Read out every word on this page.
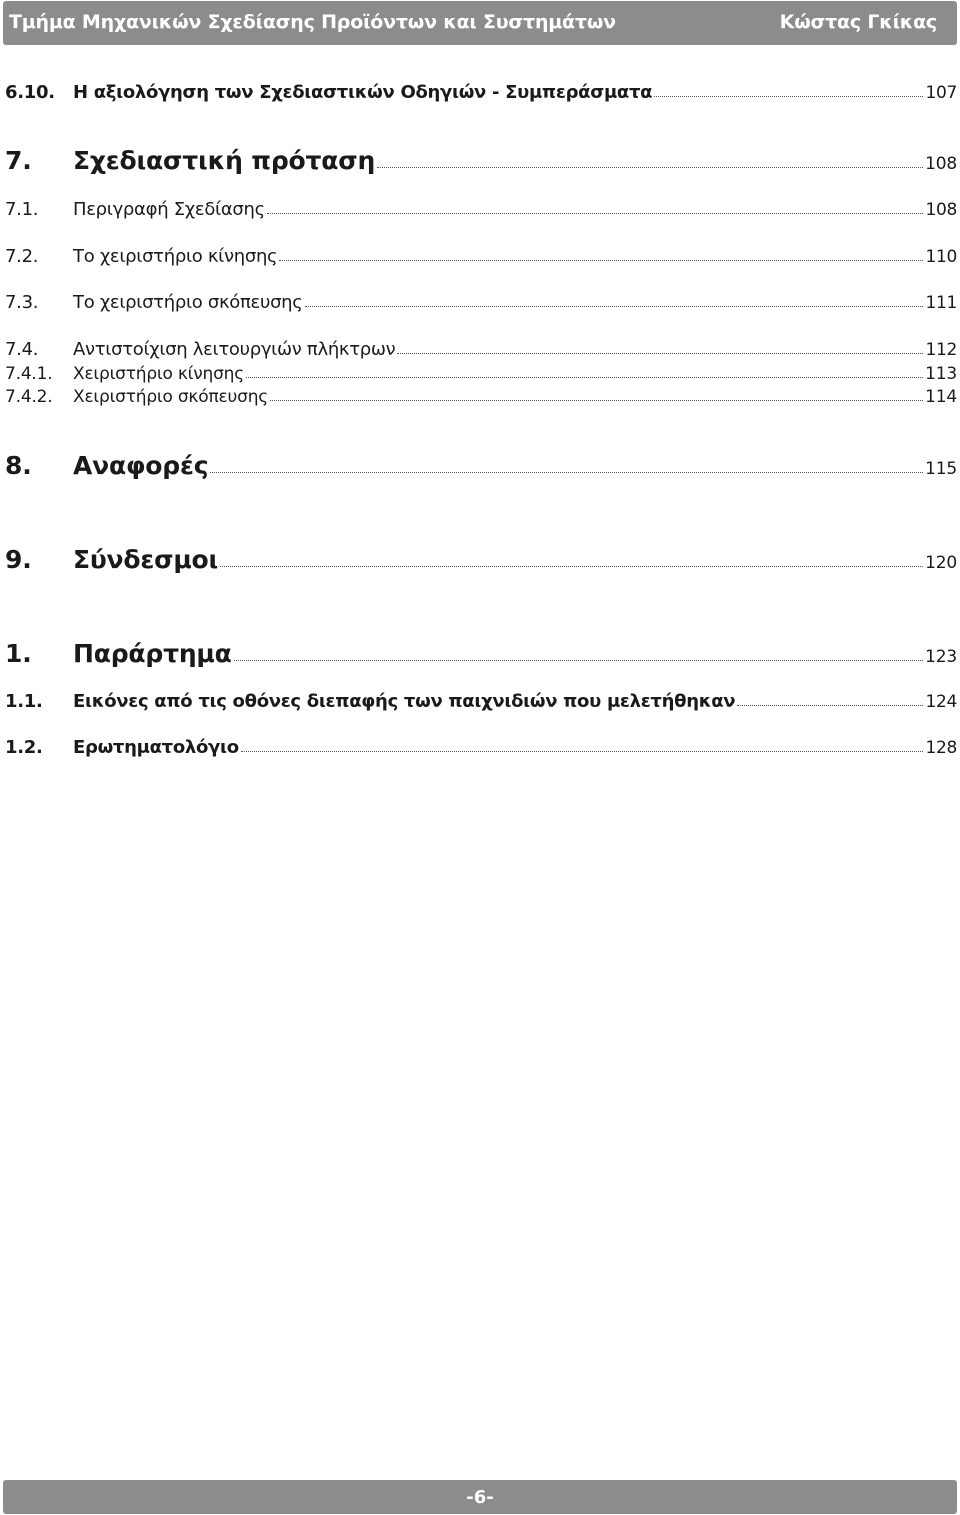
Τμήμα Μηχανικών Σχεδίασης Προϊόντων και Συστημάτων	Κώστας Γκίκας
6.10.	Η αξιολόγηση των Σχεδιαστικών Οδηγιών - Συμπεράσματα	107
7.	Σχεδιαστική πρόταση	108
7.1.	Περιγραφή Σχεδίασης	108
7.2.	Το χειριστήριο κίνησης	110
7.3.	Το χειριστήριο σκόπευσης	111
7.4.	Αντιστοίχιση λειτουργιών πλήκτρων	112
7.4.1.	Χειριστήριο κίνησης	113
7.4.2.	Χειριστήριο σκόπευσης	114
8.	Αναφορές	115
9.	Σύνδεσμοι	120
1.	Παράρτημα	123
1.1.	Εικόνες από τις οθόνες διεπαφής των παιχνιδιών που μελετήθηκαν	124
1.2.	Ερωτηματολόγιο	128
-6-
